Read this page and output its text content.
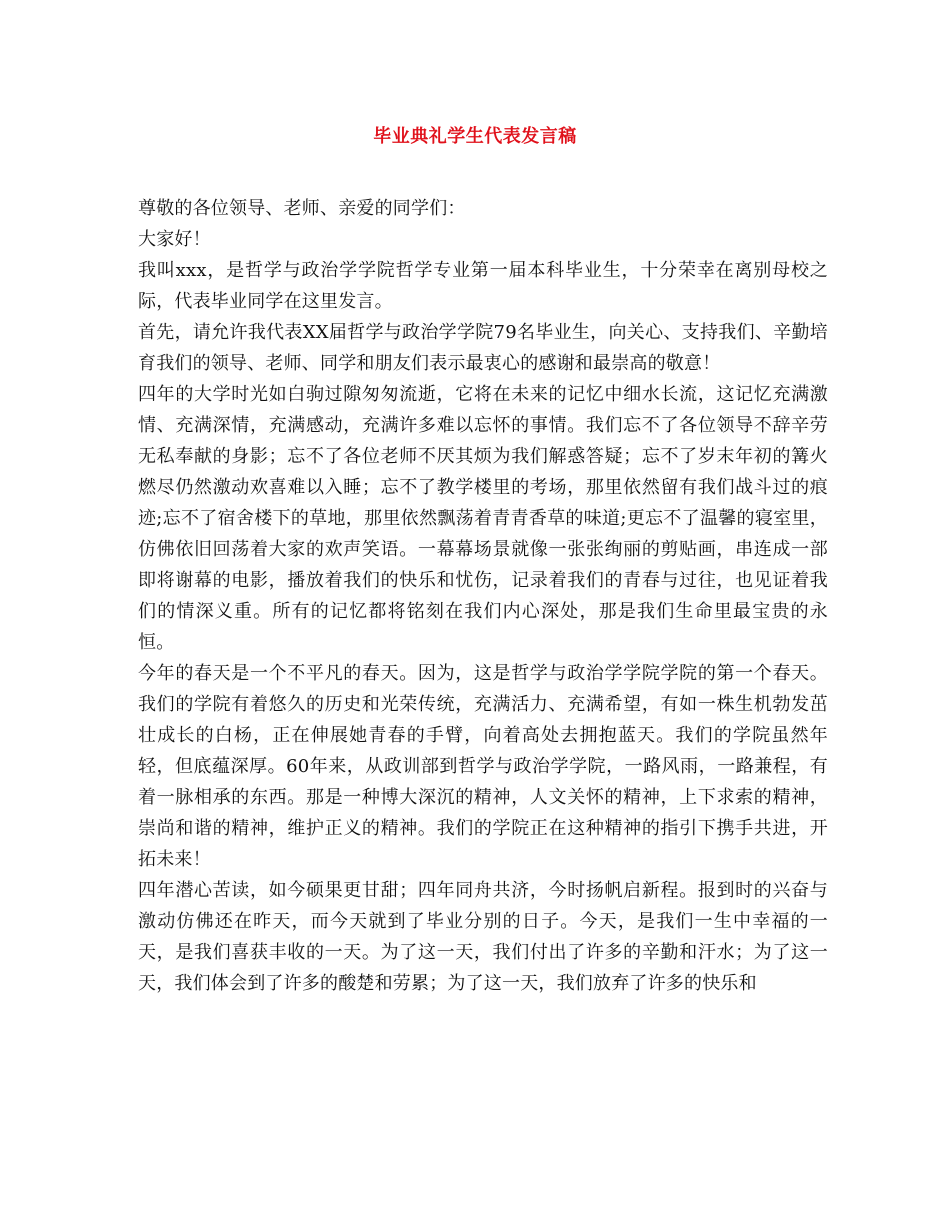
毕业典礼学生代表发言稿

尊敬的各位领导、老师、亲爱的同学们：

大家好！

我叫xxx，是哲学与政治学学院哲学专业第一届本科毕业生，十分荣幸在离别母校之际，代表毕业同学在这里发言。

首先，请允许我代表XX届哲学与政治学学院79名毕业生，向关心、支持我们、辛勤培育我们的领导、老师、同学和朋友们表示最衷心的感谢和最崇高的敬意！

四年的大学时光如白驹过隙匆匆流逝，它将在未来的记忆中细水长流，这记忆充满激情、充满深情，充满感动，充满许多难以忘怀的事情。我们忘不了各位领导不辞辛劳无私奉献的身影；忘不了各位老师不厌其烦为我们解惑答疑；忘不了岁末年初的篝火燃尽仍然激动欢喜难以入睡；忘不了教学楼里的考场，那里依然留有我们战斗过的痕迹;忘不了宿舍楼下的草地，那里依然飘荡着青青香草的味道;更忘不了温馨的寝室里，仿佛依旧回荡着大家的欢声笑语。一幕幕场景就像一张张绚丽的剪贴画，串连成一部即将谢幕的电影，播放着我们的快乐和忧伤，记录着我们的青春与过往，也见证着我们的情深义重。所有的记忆都将铭刻在我们内心深处，那是我们生命里最宝贵的永恒。

今年的春天是一个不平凡的春天。因为，这是哲学与政治学学院学院的第一个春天。我们的学院有着悠久的历史和光荣传统，充满活力、充满希望，有如一株生机勃发茁壮成长的白杨，正在伸展她青春的手臂，向着高处去拥抱蓝天。我们的学院虽然年轻，但底蕴深厚。60年来，从政训部到哲学与政治学学院，一路风雨，一路兼程，有着一脉相承的东西。那是一种博大深沉的精神，人文关怀的精神，上下求索的精神，崇尚和谐的精神，维护正义的精神。我们的学院正在这种精神的指引下携手共进，开拓未来！

四年潜心苦读，如今硕果更甘甜；四年同舟共济，今时扬帆启新程。报到时的兴奋与激动仿佛还在昨天，而今天就到了毕业分别的日子。今天，是我们一生中幸福的一天，是我们喜获丰收的一天。为了这一天，我们付出了许多的辛勤和汗水；为了这一天，我们体会到了许多的酸楚和劳累；为了这一天，我们放弃了许多的快乐和
